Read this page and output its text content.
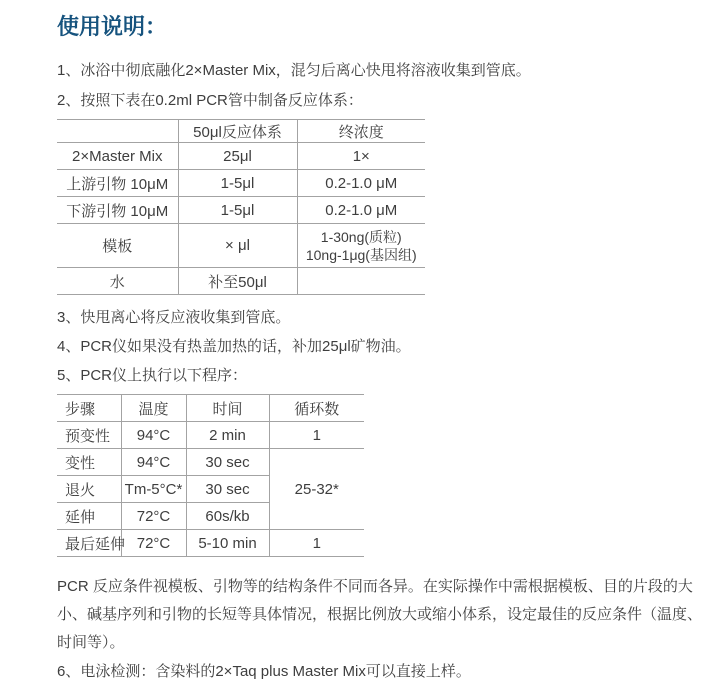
使用说明：

1、冰浴中彻底融化2×Master Mix，混匀后离心快甩将溶液收集到管底。

2、按照下表在0.2ml PCR管中制备反应体系：

	50μl反应体系	终浓度
2×Master Mix	25μl	1×
上游引物 10μM	1-5μl	0.2-1.0 μM
下游引物 10μM	1-5μl	0.2-1.0 μM
模板	× μl	1-30ng(质粒)
10ng-1μg(基因组)

水	补至50μl	

3、快甩离心将反应液收集到管底。

4、PCR仪如果没有热盖加热的话，补加25μl矿物油。

5、PCR仪上执行以下程序：

步骤	温度	时间	循环数
预变性	94°C	2 min	1
变性	94°C	30 sec	25-32*
退火	Tm-5°C*	30 sec	
延伸	72°C	60s/kb	
最后延伸	72°C	5-10 min	1

PCR 反应条件视模板、引物等的结构条件不同而各异。在实际操作中需根据模板、目的片段的大小、碱基序列和引物的长短等具体情况，根据比例放大或缩小体系，设定最佳的反应条件（温度、时间等）。

6、电泳检测：含染料的2×Taq plus Master Mix可以直接上样。
